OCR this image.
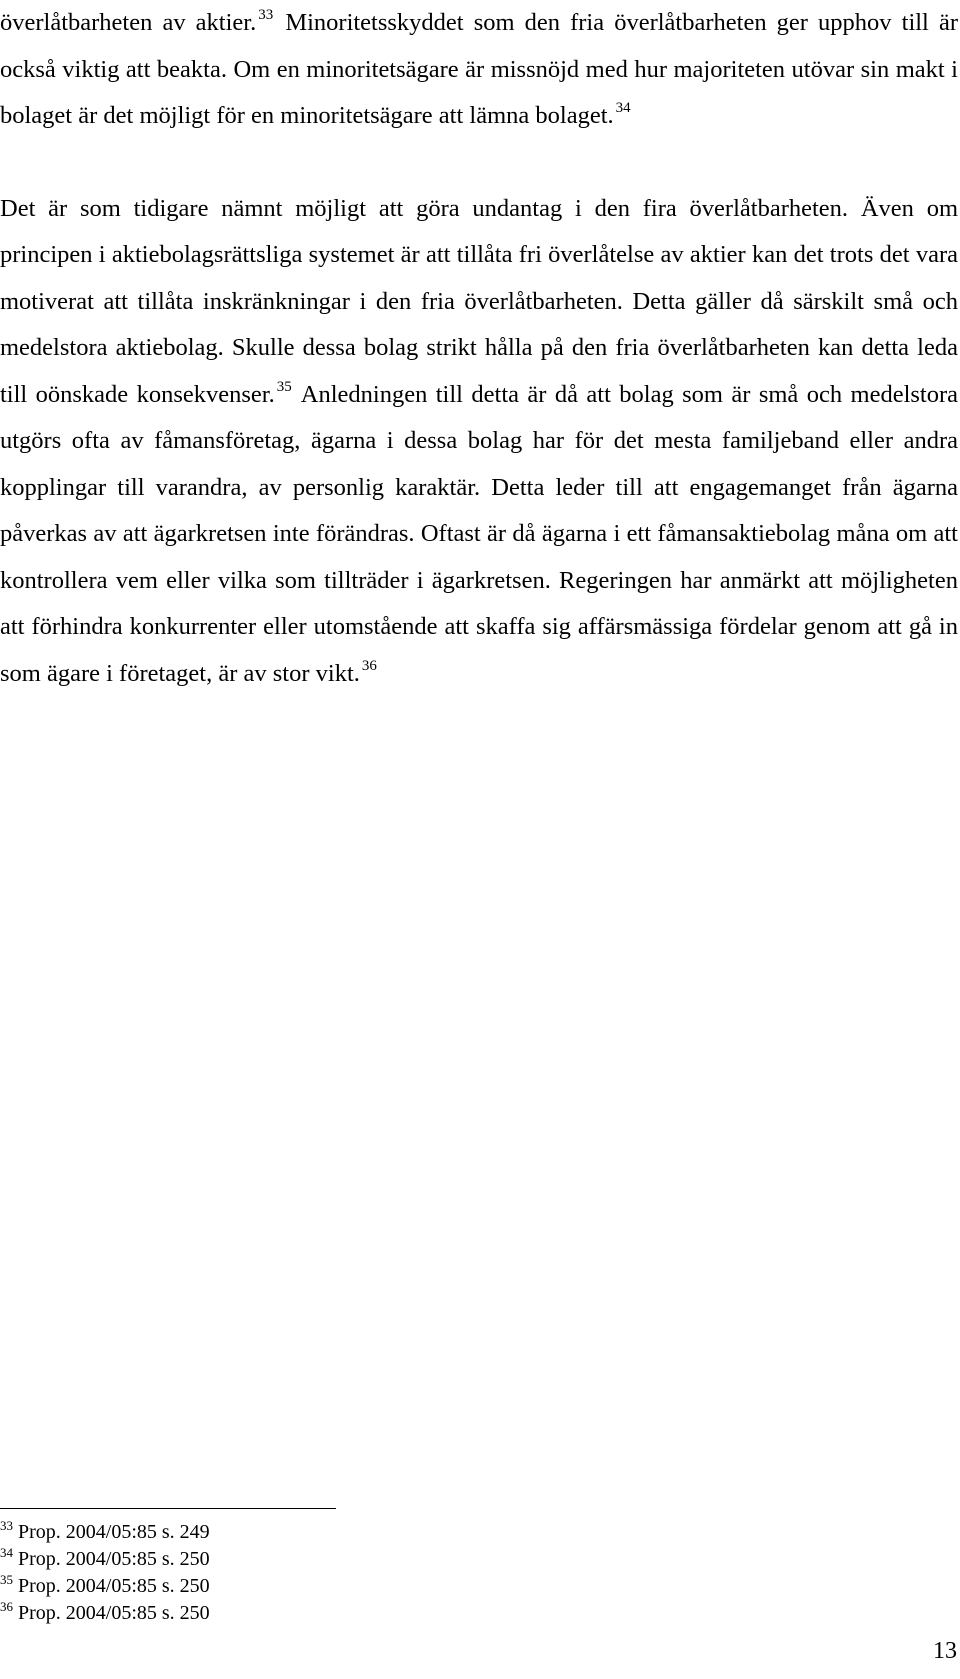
överlåtbarheten av aktier. $^{33}$ Minoritetsskyddet som den fria överlåtbarheten ger upphov till är också viktig att beakta. Om en minoritetsägare är missnöjd med hur majoriteten utövar sin makt i bolaget är det möjligt för en minoritetsägare att lämna bolaget. $^{34}$

Det är som tidigare nämnt möjligt att göra undantag i den fira överlåtbarheten. Även om principen i aktiebolagsrättsliga systemet är att tillåta fri överlåtelse av aktier kan det trots det vara motiverat att tillåta inskränkningar i den fria överlåtbarheten. Detta gäller då särskilt små och medelstora aktiebolag. Skulle dessa bolag strikt hålla på den fria överlåtbarheten kan detta leda till oönskade konsekvenser. $^{35}$ Anledningen till detta är då att bolag som är små och medelstora utgörs ofta av fåmansföretag, ägarna i dessa bolag har för det mesta familjeband eller andra kopplingar till varandra, av personlig karaktär. Detta leder till att engagemanget från ägarna påverkas av att ägarkretsen inte förändras. Oftast är då ägarna i ett fåmansaktiebolag måna om att kontrollera vem eller vilka som tillträder i ägarkretsen. Regeringen har anmärkt att möjligheten att förhindra konkurrenter eller utomstående att skaffa sig affärsmässiga fördelar genom att gå in som ägare i företaget, är av stor vikt. $^{36}$

$^{33}$ Prop. 2004/05:85 s. 249
$^{34}$ Prop. 2004/05:85 s. 250
$^{35}$ Prop. 2004/05:85 s. 250
$^{36}$ Prop. 2004/05:85 s. 250
13
